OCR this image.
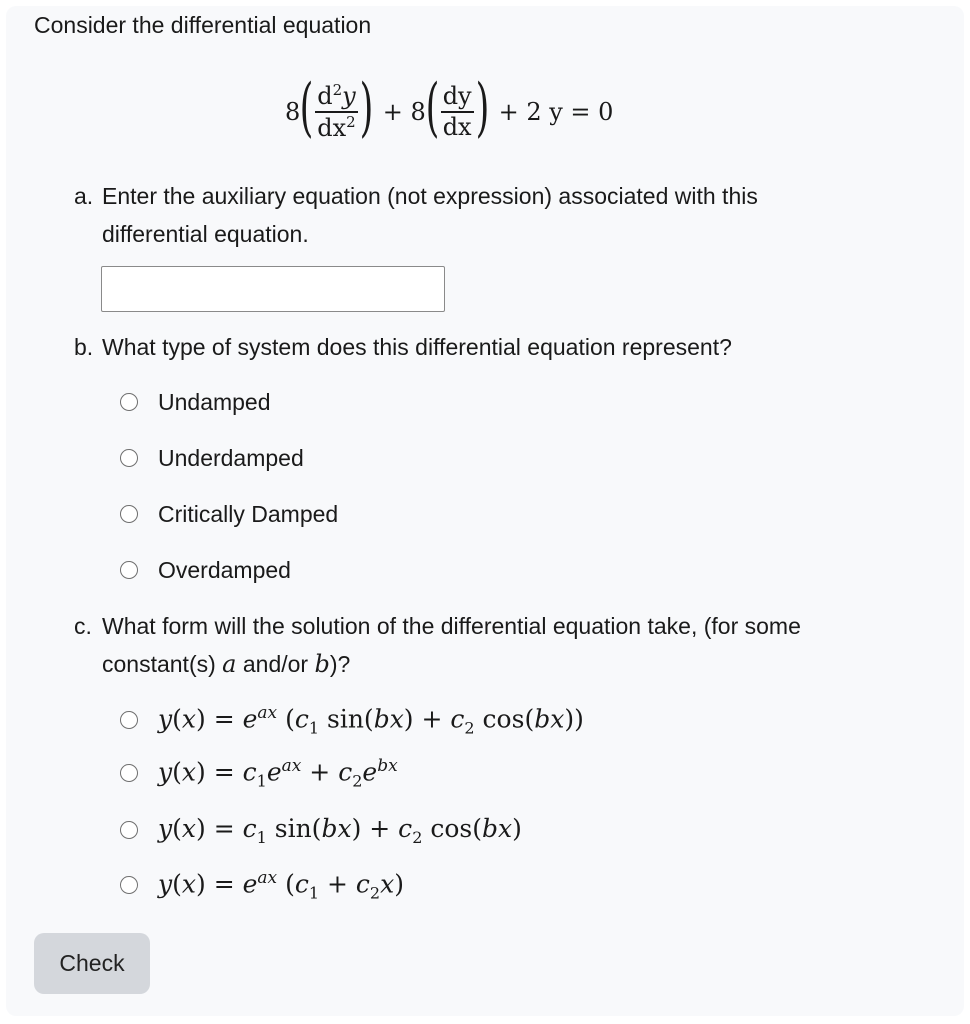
Consider the differential equation
8 ( $\frac{d^2y}{dx^2}$ ) + 8 ( $\frac{dy}{dx}$ ) + 2 y = 0
a. Enter the auxiliary equation (not expression) associated with this
differential equation.
b. What type of system does this differential equation represent?
Undamped
Underdamped
Critically Damped
Overdamped
c. What form will the solution of the differential equation take, (for some
constant(s) a and/or b)?
$y(x) = e^{ax}$ ($c_1$ $\sin(bx) + c_2$ cos(bx))
$y(x) = c_1e^{ax} + c_2e^{bx}$
$y(x) = c_1$ $\sin(bx) + c_2$ cos(bx)
$y(x) = e^{ax}$ $(c_1 + c_2x)$
Check
